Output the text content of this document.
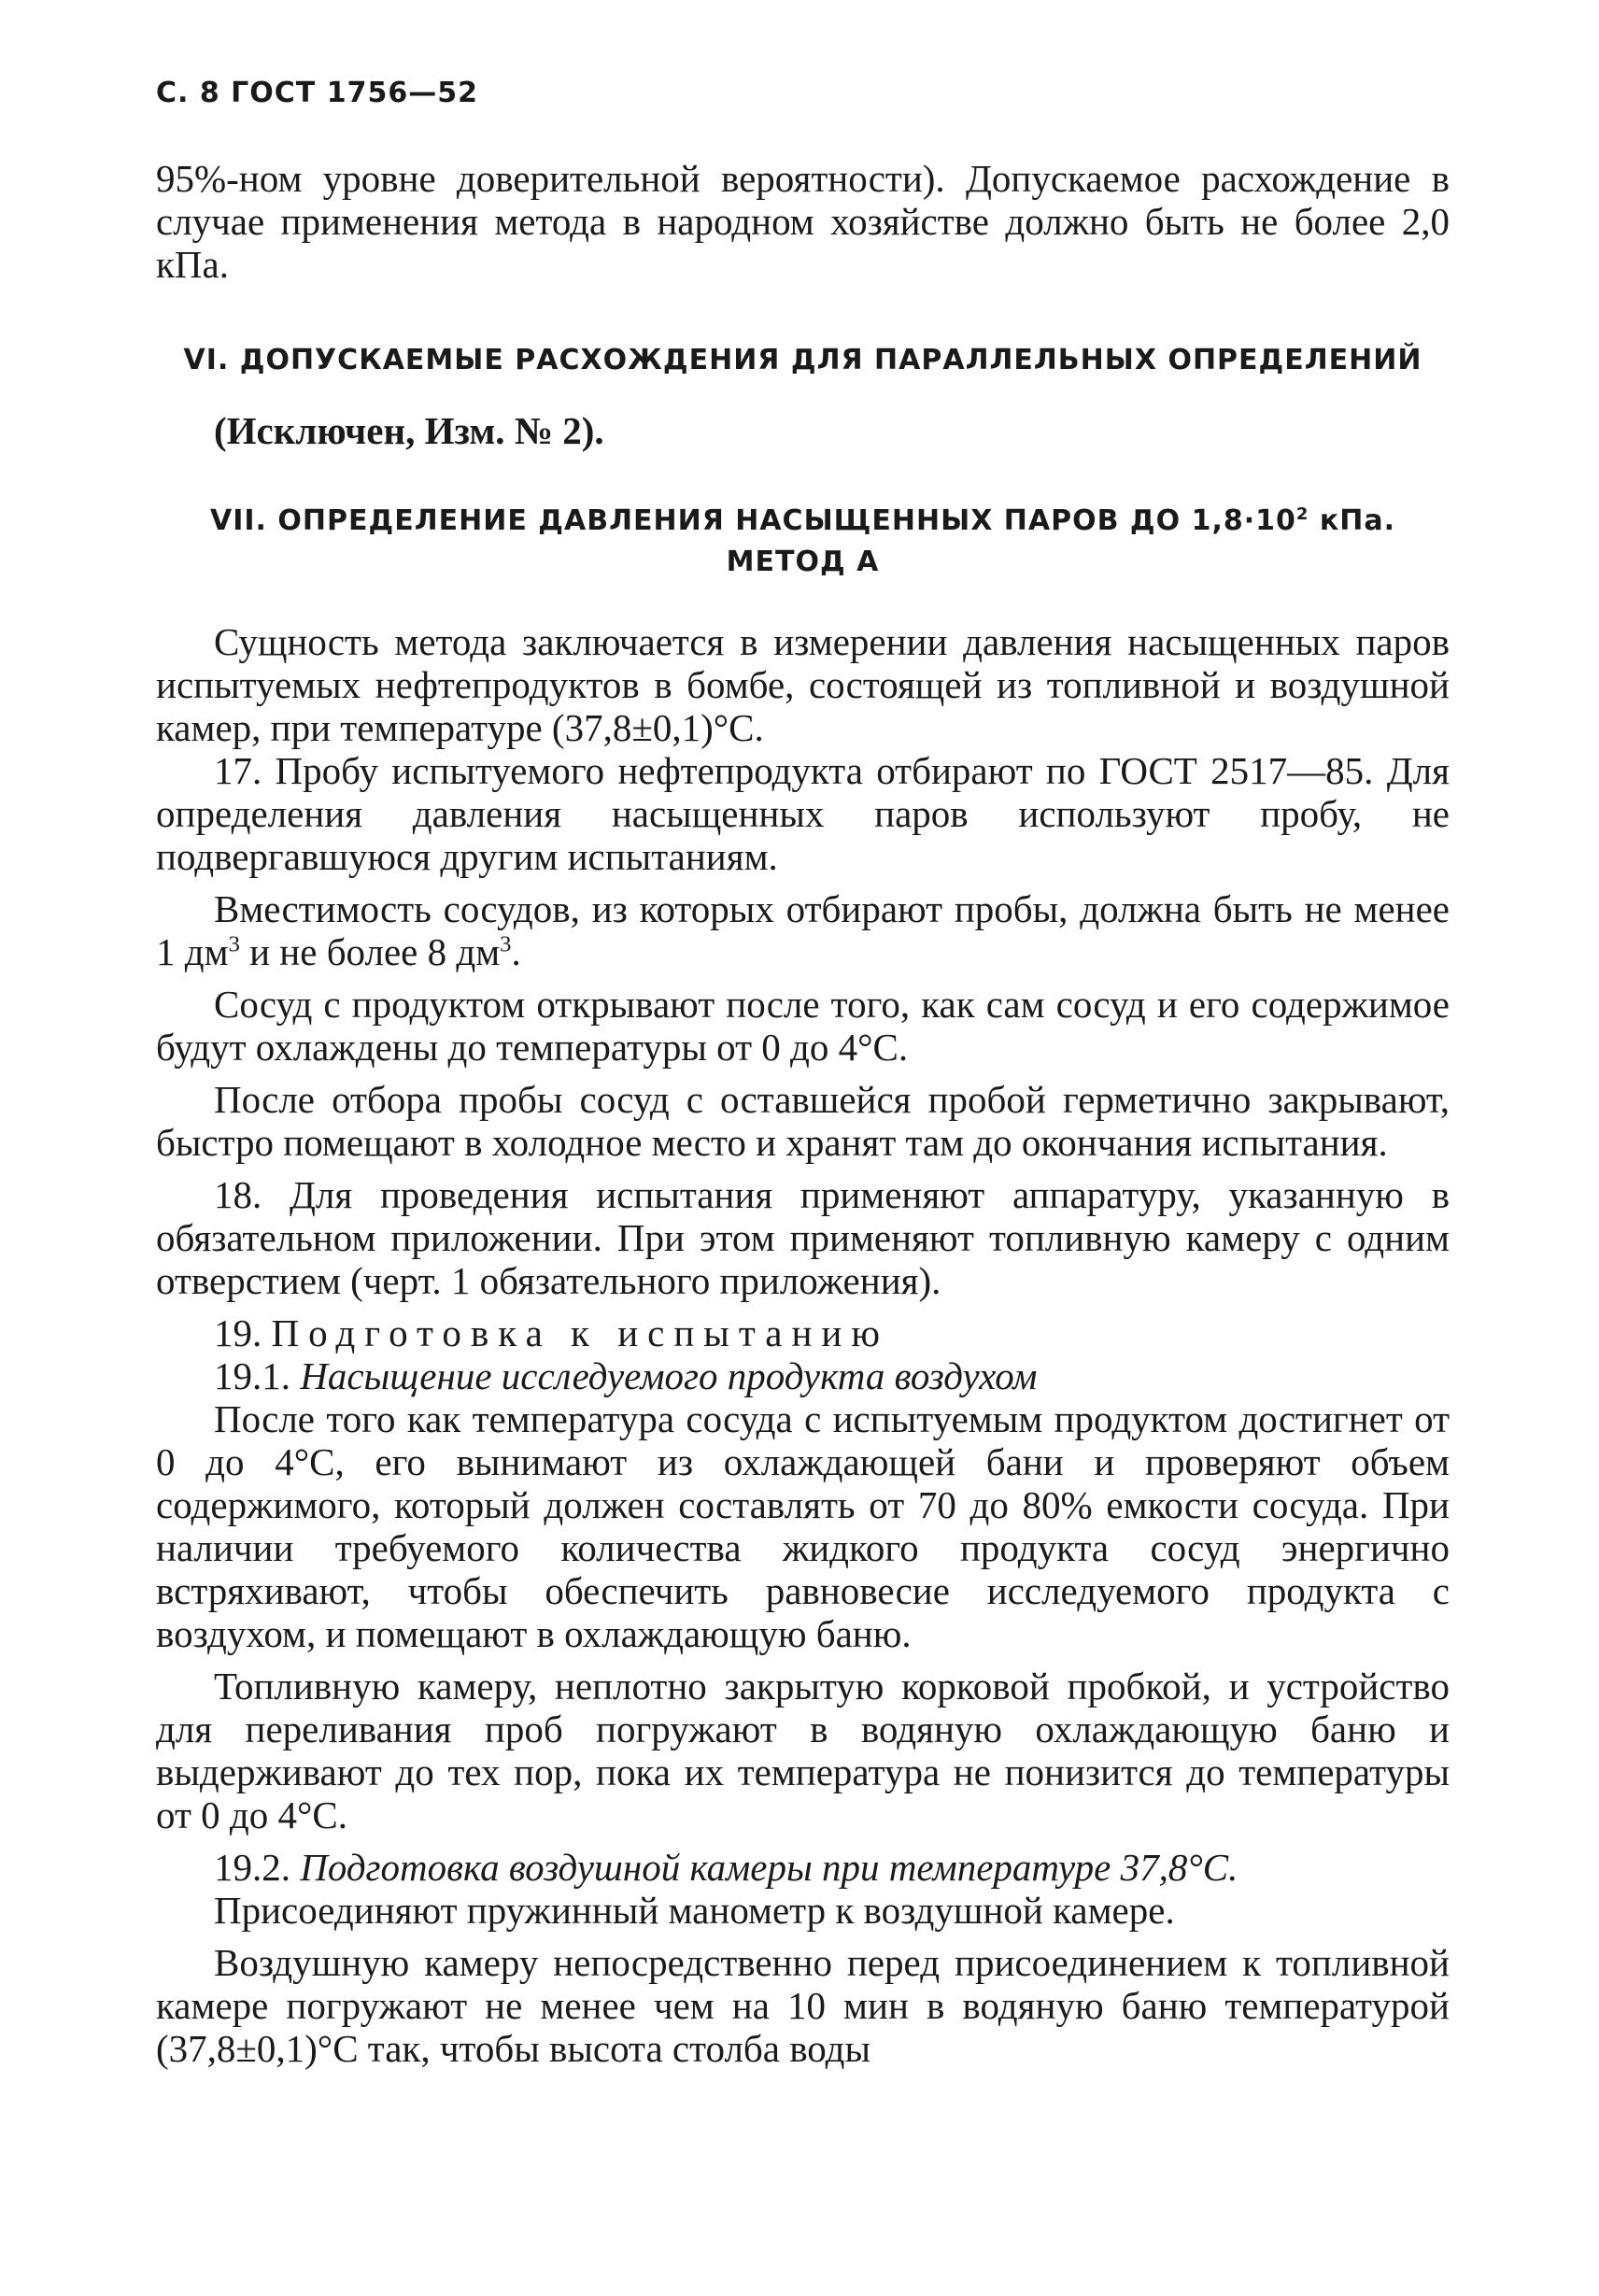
С. 8 ГОСТ 1756—52

95%-ном уровне доверительной вероятности). Допускаемое расхождение в случае применения метода в народном хозяйстве должно быть не более 2,0 кПа.

VI. ДОПУСКАЕМЫЕ РАСХОЖДЕНИЯ ДЛЯ ПАРАЛЛЕЛЬНЫХ ОПРЕДЕЛЕНИЙ

(Исключен, Изм. № 2).

VII. ОПРЕДЕЛЕНИЕ ДАВЛЕНИЯ НАСЫЩЕННЫХ ПАРОВ ДО $1,8\cdot 10^2$ кПа.
МЕТОД А

Сущность метода заключается в измерении давления насыщенных паров испытуемых нефтепродуктов в бомбе, состоящей из топливной и воздушной камер, при температуре (37,8±0,1)°С.

17. Пробу испытуемого нефтепродукта отбирают по ГОСТ 2517—85. Для определения давления насыщенных паров используют пробу, не подвергавшуюся другим испытаниям.

Вместимость сосудов, из которых отбирают пробы, должна быть не менее 1 $дм^3$ и не более 8 $дм^3$.

Сосуд с продуктом открывают после того, как сам сосуд и его содержимое будут охлаждены до температуры от 0 до 4°С.

После отбора пробы сосуд с оставшейся пробой герметично закрывают, быстро помещают в холодное место и хранят там до окончания испытания.

18. Для проведения испытания применяют аппаратуру, указанную в обязательном приложении. При этом применяют топливную камеру с одним отверстием (черт. 1 обязательного приложения).

19. Подготовка к испытанию

19.1. Насыщение исследуемого продукта воздухом

После того как температура сосуда с испытуемым продуктом достигнет от 0 до 4°С, его вынимают из охлаждающей бани и проверяют объем содержимого, который должен составлять от 70 до 80% емкости сосуда. При наличии требуемого количества жидкого продукта сосуд энергично встряхивают, чтобы обеспечить равновесие исследуемого продукта с воздухом, и помещают в охлаждающую баню.

Топливную камеру, неплотно закрытую корковой пробкой, и устройство для переливания проб погружают в водяную охлаждающую баню и выдерживают до тех пор, пока их температура не понизится до температуры от 0 до 4°С.

19.2. Подготовка воздушной камеры при температуре 37,8°С.

Присоединяют пружинный манометр к воздушной камере.

Воздушную камеру непосредственно перед присоединением к топливной камере погружают не менее чем на 10 мин в водяную баню температурой (37,8±0,1)°С так, чтобы высота столба воды
